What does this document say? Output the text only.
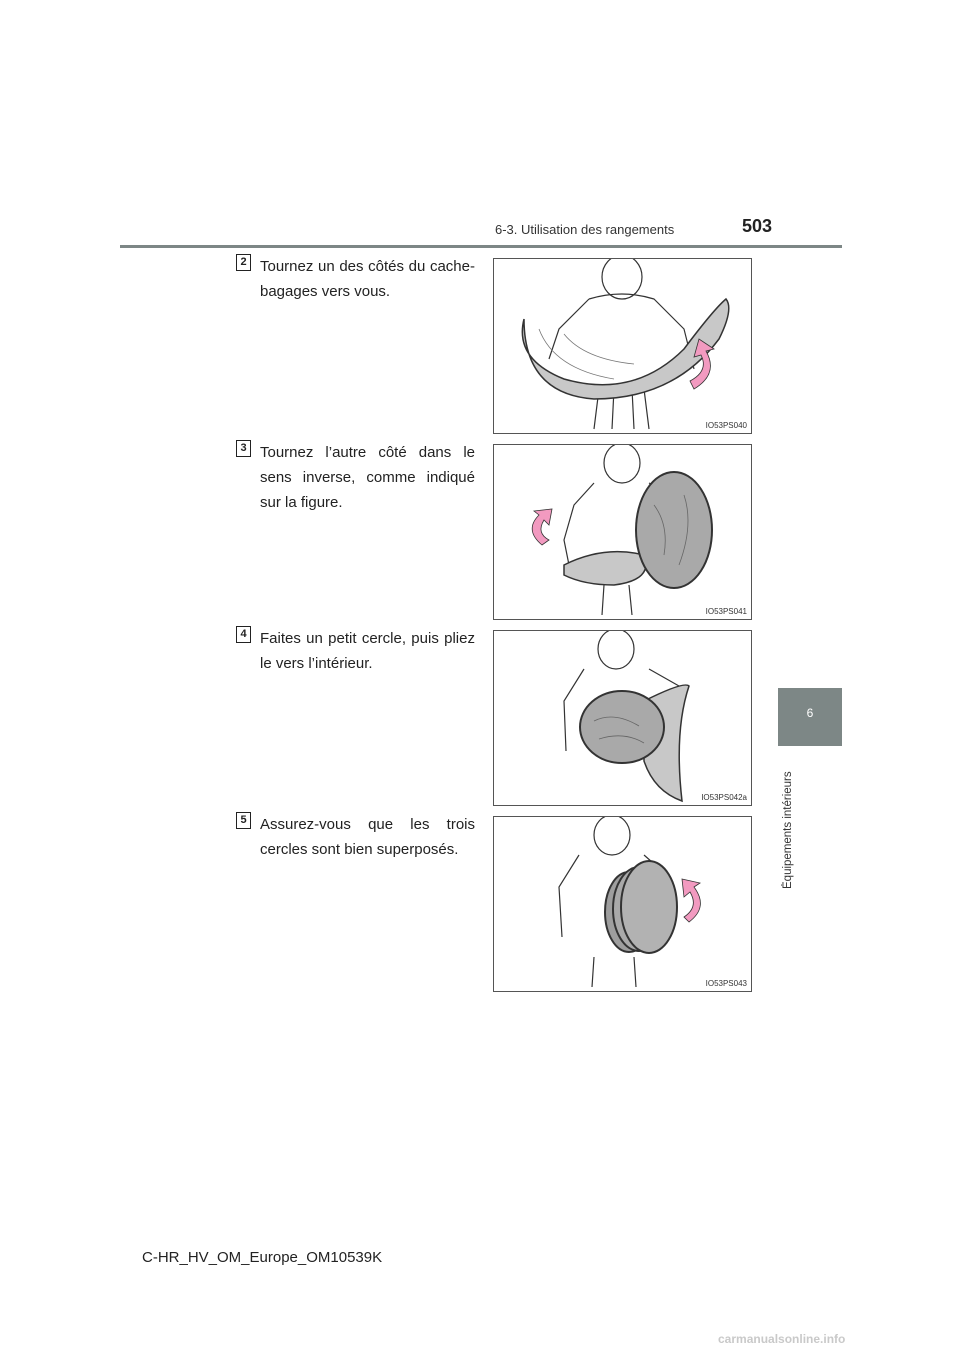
6-3. Utilisation des rangements	503
6
Équipements intérieurs
2 Tournez un des côtés du cache-bagages vers vous.
IO53PS040
3 Tournez l’autre côté dans le sens inverse, comme indiqué sur la figure.
IO53PS041
4 Faites un petit cercle, puis pliez le vers l’intérieur.
IO53PS042a
5 Assurez-vous que les trois cercles sont bien superposés.
IO53PS043
C-HR_HV_OM_Europe_OM10539K
carmanualsonline.info
